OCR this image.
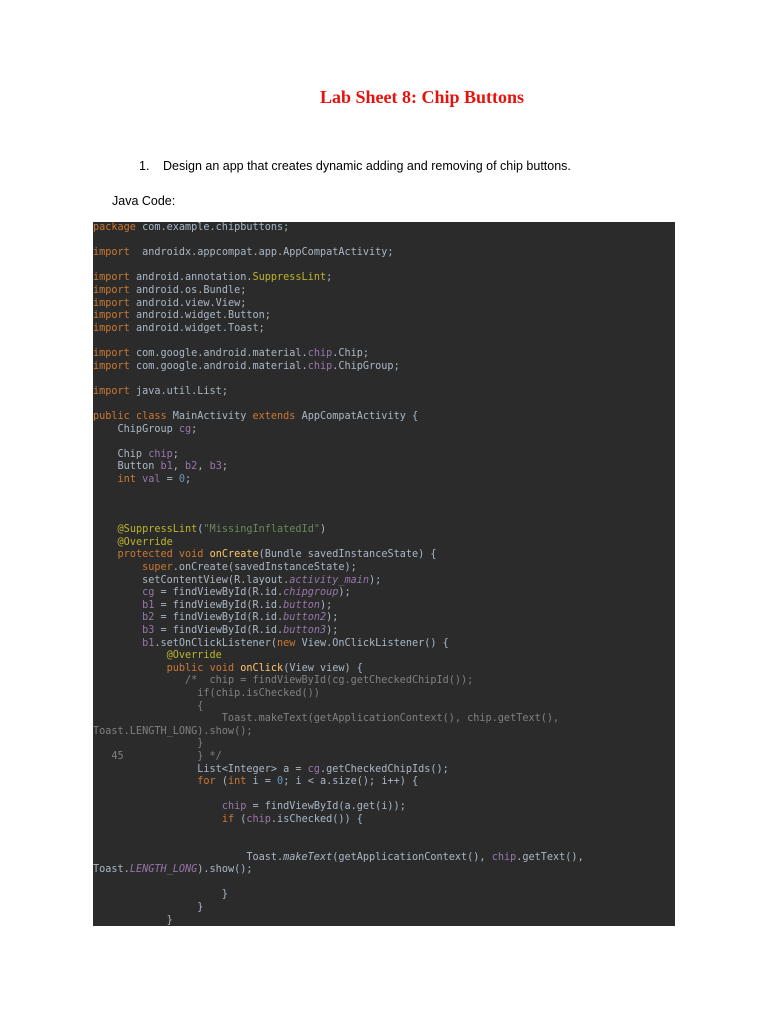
Lab Sheet 8: Chip Buttons
1. Design an app that creates dynamic adding and removing of chip buttons.
Java Code:
package com.example.chipbuttons;

import  androidx.appcompat.app.AppCompatActivity;

import android.annotation.SuppressLint;
import android.os.Bundle;
import android.view.View;
import android.widget.Button;
import android.widget.Toast;

import com.google.android.material.chip.Chip;
import com.google.android.material.chip.ChipGroup;

import java.util.List;

public class MainActivity extends AppCompatActivity {
ChipGroup cg;

Chip chip;
Button b1, b2, b3;
int val = 0;

@SuppressLint("MissingInflatedId")
@Override
protected void onCreate(Bundle savedInstanceState) {
super.onCreate(savedInstanceState);
setContentView(R.layout.activity_main);
cg = findViewById(R.id.chipgroup);
b1 = findViewById(R.id.button);
b2 = findViewById(R.id.button2);
b3 = findViewById(R.id.button3);
b1.setOnClickListener(new View.OnClickListener() {
@Override
public void onClick(View view) {
/*  chip = findViewById(cg.getCheckedChipId());
if(chip.isChecked())
{
Toast.makeText(getApplicationContext(), chip.getText(),
Toast.LENGTH_LONG).show();
}
45            } */
List<Integer> a = cg.getCheckedChipIds();
for (int i = 0; i < a.size(); i++) {

chip = findViewById(a.get(i));
if (chip.isChecked()) {

Toast.makeText(getApplicationContext(), chip.getText(),
Toast.LENGTH_LONG).show();

}
}
}
